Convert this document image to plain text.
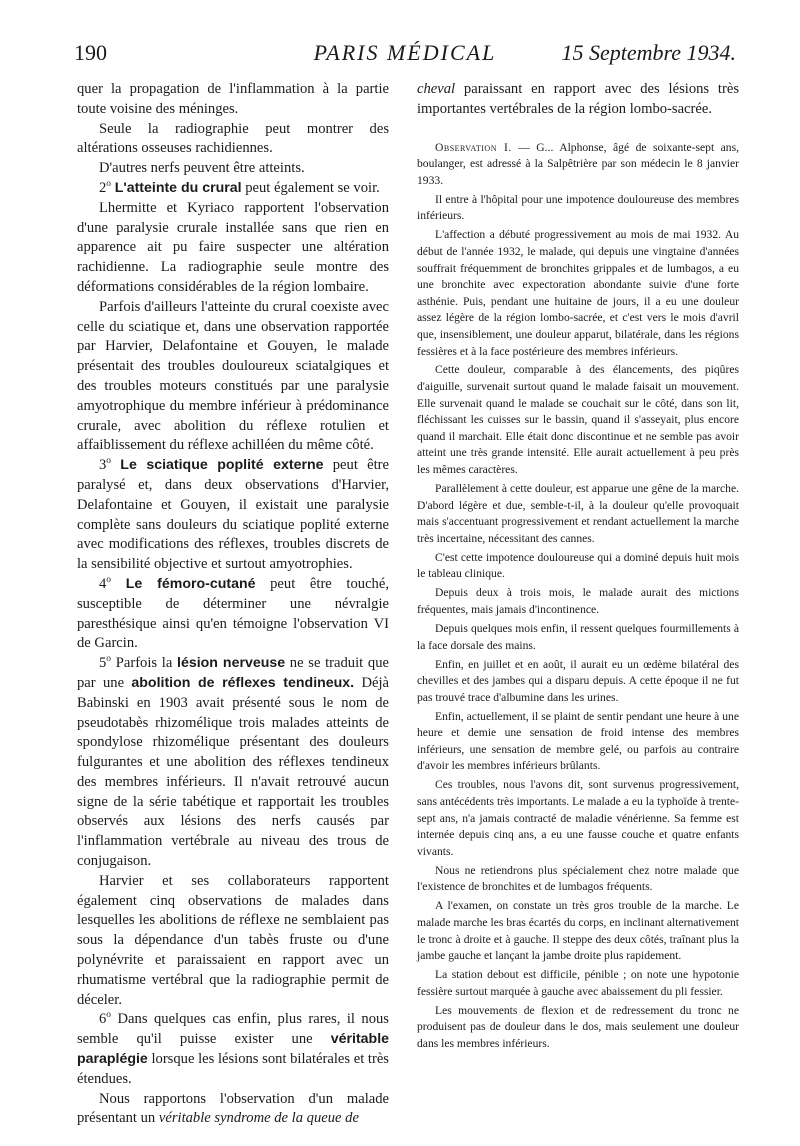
190	PARIS MÉDICAL	15 Septembre 1934.

quer la propagation de l'inflammation à la partie toute voisine des méninges.

Seule la radiographie peut montrer des altérations osseuses rachidiennes.

D'autres nerfs peuvent être atteints.

2$^o$ L'atteinte du crural peut également se voir.

Lhermitte et Kyriaco rapportent l'observation d'une paralysie crurale installée sans que rien en apparence ait pu faire suspecter une altération rachidienne. La radiographie seule montre des déformations considérables de la région lombaire.

Parfois d'ailleurs l'atteinte du crural coexiste avec celle du sciatique et, dans une observation rapportée par Harvier, Delafontaine et Gouyen, le malade présentait des troubles douloureux sciatalgiques et des troubles moteurs constitués par une paralysie amyotrophique du membre inférieur à prédominance crurale, avec abolition du réflexe rotulien et affaiblissement du réflexe achilléen du même côté.

3$^o$ Le sciatique poplité externe peut être paralysé et, dans deux observations d'Harvier, Delafontaine et Gouyen, il existait une paralysie complète sans douleurs du sciatique poplité externe avec modifications des réflexes, troubles discrets de la sensibilité objective et surtout amyotrophies.

4$^o$ Le fémoro-cutané peut être touché, susceptible de déterminer une névralgie paresthésique ainsi qu'en témoigne l'observation VI de Garcin.

5$^o$ Parfois la lésion nerveuse ne se traduit que par une abolition de réflexes tendineux. Déjà Babinski en 1903 avait présenté sous le nom de pseudotabès rhizomélique trois malades atteints de spondylose rhizomélique présentant des douleurs fulgurantes et une abolition des réflexes tendineux des membres inférieurs. Il n'avait retrouvé aucun signe de la série tabétique et rapportait les troubles observés aux lésions des nerfs causés par l'inflammation vertébrale au niveau des trous de conjugaison.

Harvier et ses collaborateurs rapportent également cinq observations de malades dans lesquelles les abolitions de réflexe ne semblaient pas sous la dépendance d'un tabès fruste ou d'une polynévrite et paraissaient en rapport avec un rhumatisme vertébral que la radiographie permit de déceler.

6$^o$ Dans quelques cas enfin, plus rares, il nous semble qu'il puisse exister une véritable paraplégie lorsque les lésions sont bilatérales et très étendues.

Nous rapportons l'observation d'un malade présentant un véritable syndrome de la queue de

cheval paraissant en rapport avec des lésions très importantes vertébrales de la région lombo-sacrée.

Observation I. — G... Alphonse, âgé de soixante-sept ans, boulanger, est adressé à la Salpêtrière par son médecin le 8 janvier 1933.

Il entre à l'hôpital pour une impotence douloureuse des membres inférieurs.

L'affection a débuté progressivement au mois de mai 1932. Au début de l'année 1932, le malade, qui depuis une vingtaine d'années souffrait fréquemment de bronchites grippales et de lumbagos, a eu une bronchite avec expectoration abondante suivie d'une forte asthénie. Puis, pendant une huitaine de jours, il a eu une douleur assez légère de la région lombo-sacrée, et c'est vers le mois d'avril que, insensiblement, une douleur apparut, bilatérale, dans les régions fessières et à la face postérieure des membres inférieurs.

Cette douleur, comparable à des élancements, des piqûres d'aiguille, survenait surtout quand le malade faisait un mouvement. Elle survenait quand le malade se couchait sur le côté, dans son lit, fléchissant les cuisses sur le bassin, quand il s'asseyait, plus encore quand il marchait. Elle était donc discontinue et ne semble pas avoir atteint une très grande intensité. Elle aurait actuellement à peu près les mêmes caractères.

Parallèlement à cette douleur, est apparue une gêne de la marche. D'abord légère et due, semble-t-il, à la douleur qu'elle provoquait mais s'accentuant progressivement et rendant actuellement la marche très incertaine, nécessitant des cannes.

C'est cette impotence douloureuse qui a dominé depuis huit mois le tableau clinique.

Depuis deux à trois mois, le malade aurait des mictions fréquentes, mais jamais d'incontinence.

Depuis quelques mois enfin, il ressent quelques fourmillements à la face dorsale des mains.

Enfin, en juillet et en août, il aurait eu un œdème bilatéral des chevilles et des jambes qui a disparu depuis. A cette époque il ne fut pas trouvé trace d'albumine dans les urines.

Enfin, actuellement, il se plaint de sentir pendant une heure à une heure et demie une sensation de froid intense des membres inférieurs, une sensation de membre gelé, ou parfois au contraire d'avoir les membres inférieurs brûlants.

Ces troubles, nous l'avons dit, sont survenus progressivement, sans antécédents très importants. Le malade a eu la typhoïde à trente-sept ans, n'a jamais contracté de maladie vénérienne. Sa femme est internée depuis cinq ans, a eu une fausse couche et quatre enfants vivants.

Nous ne retiendrons plus spécialement chez notre malade que l'existence de bronchites et de lumbagos fréquents.

A l'examen, on constate un très gros trouble de la marche. Le malade marche les bras écartés du corps, en inclinant alternativement le tronc à droite et à gauche. Il steppe des deux côtés, traînant plus la jambe gauche et lançant la jambe droite plus rapidement.

La station debout est difficile, pénible ; on note une hypotonie fessière surtout marquée à gauche avec abaissement du pli fessier.

Les mouvements de flexion et de redressement du tronc ne produisent pas de douleur dans le dos, mais seulement une douleur dans les membres inférieurs.
